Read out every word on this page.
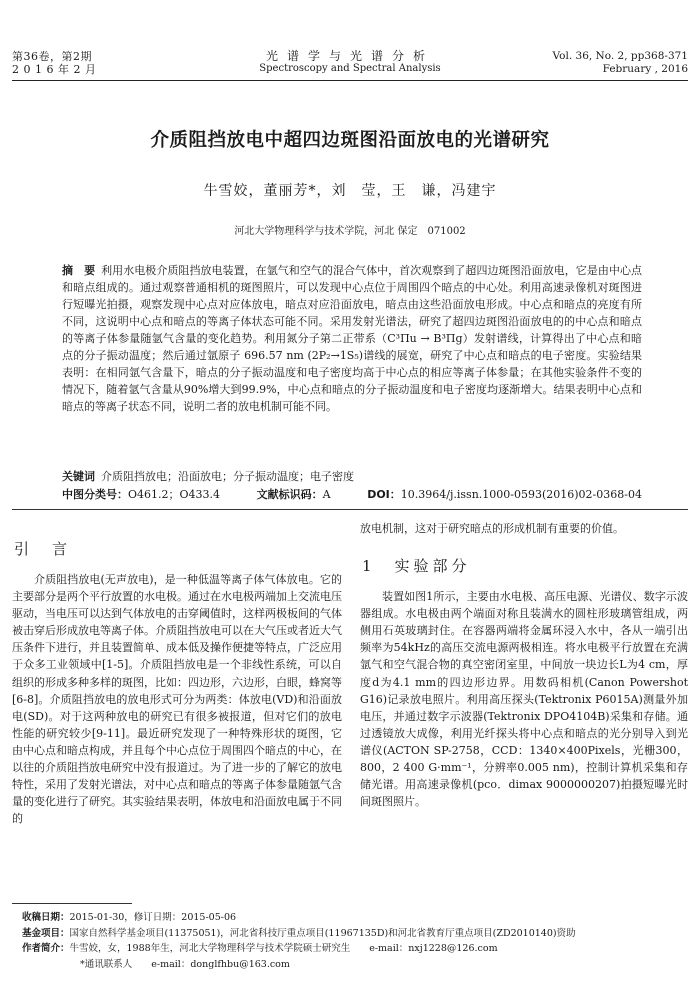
第36卷，第2期
2 0 1 6 年 2 月
光谱学与光谱分析
Spectroscopy and Spectral Analysis
Vol. 36, No. 2, pp368-371
February , 2016
介质阻挡放电中超四边斑图沿面放电的光谱研究
牛雪姣，董丽芳*，刘　莹，王　谦，冯建宇
河北大学物理科学与技术学院，河北 保定　071002
摘　要 利用水电极介质阻挡放电装置，在氩气和空气的混合气体中，首次观察到了超四边斑图沿面放电，它是由中心点和暗点组成的。通过观察普通相机的斑图照片，可以发现中心点位于周围四个暗点的中心处。利用高速录像机对斑图进行短曝光拍摄，观察发现中心点对应体放电，暗点对应沿面放电，暗点由这些沿面放电形成。中心点和暗点的亮度有所不同，这说明中心点和暗点的等离子体状态可能不同。采用发射光谱法，研究了超四边斑图沿面放电的的中心点和暗点的等离子体参量随氩气含量的变化趋势。利用氮分子第二正带系（C³Πu → B³Πg）发射谱线，计算得出了中心点和暗点的分子振动温度；然后通过氩原子 696.57 nm (2P₂→1S₅)谱线的展宽，研究了中心点和暗点的电子密度。实验结果表明：在相同氩气含量下，暗点的分子振动温度和电子密度均高于中心点的相应等离子体参量；在其他实验条件不变的情况下，随着氩气含量从90%增大到99.9%，中心点和暗点的分子振动温度和电子密度均逐渐增大。结果表明中心点和暗点的等离子状态不同，说明二者的放电机制可能不同。
关键词 介质阻挡放电；沿面放电；分子振动温度；电子密度
中图分类号：O461.2；O433.4	文献标识码：A	DOI：10.3964/j.issn.1000-0593(2016)02-0368-04
引　言

介质阻挡放电(无声放电)，是一种低温等离子体气体放电。它的主要部分是两个平行放置的水电极。通过在水电极两端加上交流电压驱动，当电压可以达到气体放电的击穿阈值时，这样两极板间的气体被击穿后形成放电等离子体。介质阻挡放电可以在大气压或者近大气压条件下进行，并且装置简单、成本低及操作便捷等特点，广泛应用于众多工业领域中[1-5]。介质阻挡放电是一个非线性系统，可以自组织的形成多种多样的斑图，比如：四边形，六边形，白眼，蜂窝等[6-8]。介质阻挡放电的放电形式可分为两类：体放电(VD)和沿面放电(SD)。对于这两种放电的研究已有很多被报道，但对它们的放电性能的研究较少[9-11]。最近研究发现了一种特殊形状的斑图，它由中心点和暗点构成，并且每个中心点位于周围四个暗点的中心，在以往的介质阻挡放电研究中没有报道过。为了进一步的了解它的放电特性，采用了发射光谱法，对中心点和暗点的等离子体参量随氩气含量的变化进行了研究。其实验结果表明，体放电和沿面放电属于不同的

放电机制，这对于研究暗点的形成机制有重要的价值。

1　实验部分

装置如图1所示，主要由水电极、高压电源、光谱仪、数字示波器组成。水电极由两个端面对称且装满水的圆柱形玻璃管组成，两侧用石英玻璃封住。在容器两端将金属环浸入水中，各从一端引出频率为54kHz的高压交流电源两极相连。将水电极平行放置在充满氩气和空气混合物的真空密闭室里，中间放一块边长L为4 cm，厚度d为4.1 mm的四边形边界。用数码相机(Canon Powershot G16)记录放电照片。利用高压探头(Tektronix P6015A)测量外加电压，并通过数字示波器(Tektronix DPO4104B)采集和存储。通过透镜放大成像，利用光纤探头将中心点和暗点的光分别导入到光谱仪(ACTON SP-2758，CCD：1340×400Pixels，光栅300，800，2 400 G·mm⁻¹，分辨率0.005 nm)，控制计算机采集和存储光谱。用高速录像机(pco．dimax 9000000207)拍摄短曝光时间斑图照片。

收稿日期：2015-01-30，修订日期：2015-05-06
基金项目：国家自然科学基金项目(11375051)，河北省科技厅重点项目(11967135D)和河北省教育厅重点项目(ZD2010140)资助
作者简介：牛雪姣，女，1988年生，河北大学物理科学与技术学院硕士研究生　　e-mail：nxj1228@126.com
*通讯联系人　　e-mail：donglfhbu@163.com
